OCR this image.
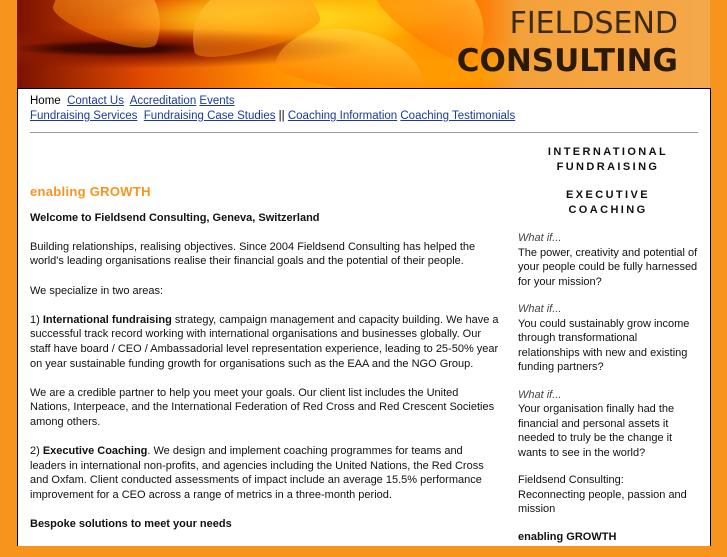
FIELDSEND
CONSULTING
Home Contact Us Accreditation Events
Fundraising Services Fundraising Case Studies || Coaching Information Coaching Testimonials

enabling GROWTH

Welcome to Fieldsend Consulting, Geneva, Switzerland

Building relationships, realising objectives. Since 2004 Fieldsend Consulting has helped the world's leading organisations realise their financial goals and the potential of their people.

We specialize in two areas:

1) International fundraising strategy, campaign management and capacity building. We have a successful track record working with international organisations and businesses globally. Our staff have board / CEO / Ambassadorial level representation experience, leading to 25-50% year on year sustainable funding growth for organisations such as the EAA and the NGO Group.

We are a credible partner to help you meet your goals. Our client list includes the United Nations, Interpeace, and the International Federation of Red Cross and Red Crescent Societies among others.

2) Executive Coaching. We design and implement coaching programmes for teams and leaders in international non-profits, and agencies including the United Nations, the Red Cross and Oxfam. Client conducted assessments of impact include an average 15.5% performance improvement for a CEO across a range of metrics in a three-month period.

Bespoke solutions to meet your needs

INTERNATIONAL
FUNDRAISING
EXECUTIVE
COACHING

What if...
The power, creativity and potential of your people could be fully harnessed for your mission?

What if...
You could sustainably grow income through transformational relationships with new and existing funding partners?

What if...
Your organisation finally had the financial and personal assets it needed to truly be the change it wants to see in the world?

Fieldsend Consulting:
Reconnecting people, passion and mission

enabling GROWTH
